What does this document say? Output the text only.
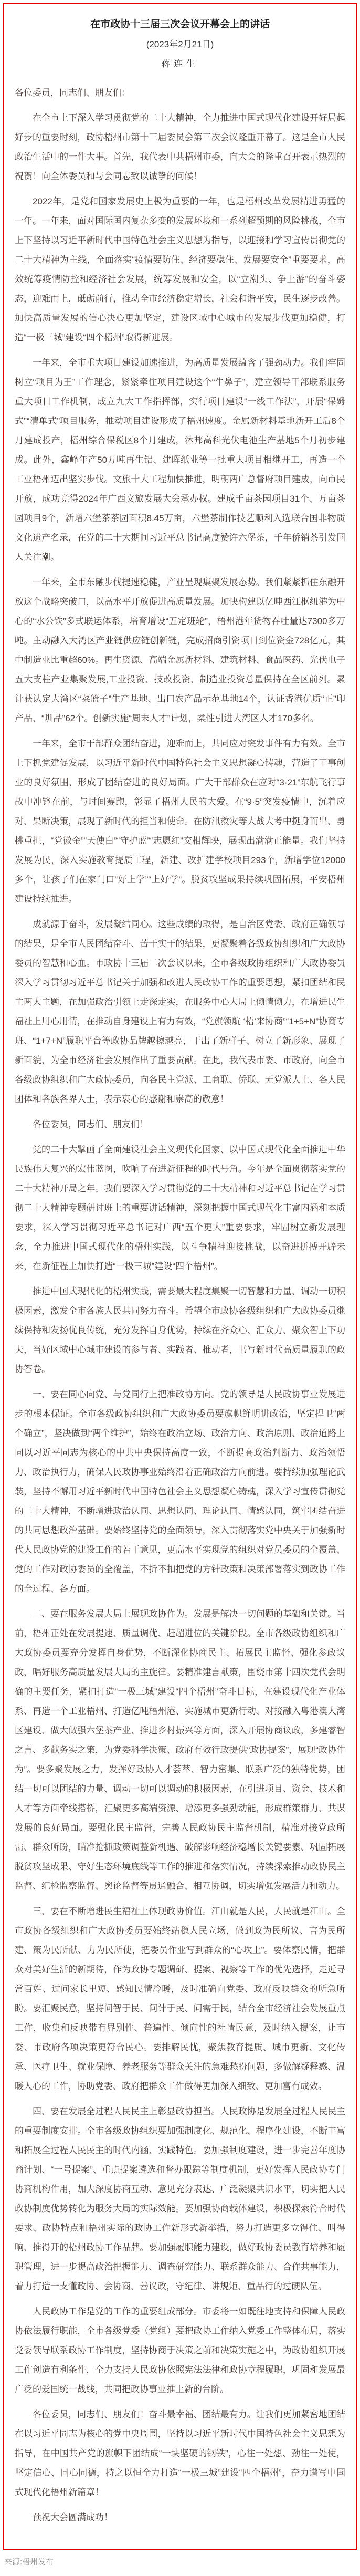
在市政协十三届三次会议开幕会上的讲话
(2023年2月21日)
蒋连生

各位委员，同志们、朋友们：

在全市上下深入学习贯彻党的二十大精神，全力推进中国式现代化建设开好局起好步的重要时刻，政协梧州市第十三届委员会第三次会议隆重开幕了。这是全市人民政治生活中的一件大事。首先，我代表中共梧州市委，向大会的隆重召开表示热烈的祝贺！向全体委员和与会同志致以诚挚的问候！

2022年，是党和国家发展史上极为重要的一年，也是梧州改革发展精进勇猛的一年。一年来，面对国际国内复杂多变的发展环境和一系列超预期的风险挑战，全市上下坚持以习近平新时代中国特色社会主义思想为指导，以迎接和学习宣传贯彻党的二十大精神为主线，全面落实“疫情要防住、经济要稳住、发展要安全”重要要求，高效统筹疫情防控和经济社会发展，统筹发展和安全，以“立潮头、争上游”的奋斗姿态，迎难而上，砥砺前行，推动全市经济稳定增长，社会和谐平安，民生逐步改善。加快高质量发展的信心决心更加坚定，建设区域中心城市的发展步伐更加稳健，打造“一极三城”建设“四个梧州”取得新进展。

一年来，全市重大项目建设加速推进，为高质量发展蕴含了强劲动力。我们牢固树立“项目为王”工作理念，紧紧牵住项目建设这个“牛鼻子”，建立领导干部联系服务重大项目工作机制，成立九大工作指挥部，实行项目建设“一线工作法”，开展“保姆式”“清单式”项目服务，推动项目建设形成了梧州速度。金属新材料基地新开工后8个月建成投产，梧州综合保税区8个月建成，沐邦高科光伏电池生产基地5个月初步建成。此外，鑫峰年产50万吨再生铝、建晖纸业等一批重大项目相继开工，再造一个工业梧州迈出坚实步伐。文旅十大工程加快推进，明朝两广总督府项目建成，向市民开放，成功竞得2024年广西文旅发展大会承办权。建成千亩茶园项目31个、万亩茶园项目9个，新增六堡茶茶园面积8.45万亩，六堡茶制作技艺顺利入选联合国非物质文化遗产名录，在党的二十大期间习近平总书记高度赞许六堡茶，千年侨销茶引发国人关注潮。

一年来，全市东融步伐提速稳健，产业呈现集聚发展态势。我们紧紧抓住东融开放这个战略突破口，以高水平开放促进高质量发展。加快构建以亿吨西江枢纽港为中心的“水公铁”多式联运体系，培育增设“五定班轮”，梧州港年货物吞吐量达7300多万吨。主动融入大湾区产业链供应链创新链，完成招商引资项目到位资金728亿元，其中制造业比重超60%。再生资源、高端金属新材料、建筑材料、食品医药、光伏电子五大支柱产业集聚发展,工业投资、技改投资、制造业投资总量保持在全区前列。累计获认定大湾区“菜篮子”生产基地、出口农产品示范基地14个，认证香港优质“正”印产品、“圳品”62个。创新实施“周末人才”计划，柔性引进大湾区人才170多名。

一年来，全市干部群众团结奋进，迎难而上，共同应对突发事件有力有效。全市上下抓党建促发展，以习近平新时代中国特色社会主义思想凝心铸魂，营造了干事创业的良好氛围，形成了团结奋进的良好局面。广大干部群众在应对“3·21”东航飞行事故中冲锋在前，与时间赛跑，彰显了梧州人民的大爱。在“9·5”突发疫情中，沉着应对、果断决策，展现了新时代的担当和使命。在防汛救灾等大战大考中挺身而出、勇挑重担，“党徽金”“天使白”“守护蓝”“志愿红”交相辉映，展现出满满正能量。我们坚持发展为民，深入实施教育提质工程，新建、改扩建学校项目293个，新增学位12000多个，让孩子们在家门口“好上学”“上好学”。脱贫攻坚成果持续巩固拓展，平安梧州建设持续推进。

成就源于奋斗，发展凝结同心。这些成绩的取得，是自治区党委、政府正确领导的结果，是全市人民团结奋斗、苦干实干的结果，更凝聚着各级政协组织和广大政协委员的智慧和心血。市政协十三届二次会议以来，全市各级政协组织和广大政协委员深入学习贯彻习近平总书记关于加强和改进人民政协工作的重要思想，紧扣团结和民主两大主题，在加强政治引领上走深走实，在服务中心大局上倾情倾力，在增进民生福祉上用心用情，在推动自身建设上有力有效，“党旗领航 ‘梧’来协商”“1+5+N”协商专班、“1+7+N”履职平台等政协品牌越擦越亮，干出了新样子、树立了新形象、展现了新面貌，为全市经济社会发展作出了重要贡献。在此，我代表市委、市政府，向全市各级政协组织和广大政协委员，向各民主党派、工商联、侨联、无党派人士、各人民团体和各族各界人士，表示衷心的感谢和崇高的敬意！

各位委员，同志们、朋友们！

党的二十大擘画了全面建设社会主义现代化国家、以中国式现代化全面推进中华民族伟大复兴的宏伟蓝图，吹响了奋进新征程的时代号角。今年是全面贯彻落实党的二十大精神开局之年。我们要深入学习贯彻党的二十大精神和习近平总书记在学习贯彻二十大精神专题研讨班上的重要讲话精神，深刻把握中国式现代化丰富内涵和本质要求，深入学习贯彻习近平总书记对广西“五个更大”重要要求，牢固树立新发展理念，全力推进中国式现代化的梧州实践，以斗争精神迎接挑战，以奋进拼搏开辟未来，在新征程上加快打造“一极三城”建设“四个梧州”。

推进中国式现代化的梧州实践，需要最大程度集聚一切智慧和力量、调动一切积极因素，激发全市各族人民共同努力奋斗。希望全市政协各级组织和广大政协委员继续保持和发扬优良传统，充分发挥自身优势，持续在齐众心、汇众力、聚众智上下功夫，当好区域中心城市建设的参与者、实践者、推动者，书写新时代高质量履职的政协答卷。

一、要在同心向党、与党同行上把准政协方向。党的领导是人民政协事业发展进步的根本保证。全市各级政协组织和广大政协委员要旗帜鲜明讲政治，坚定捍卫“两个确立”，坚决做到“两个维护”，始终在政治立场、政治方向、政治原则、政治道路上同以习近平同志为核心的中共中央保持高度一致，不断提高政治判断力、政治领悟力、政治执行力，确保人民政协事业始终沿着正确政治方向前进。要持续加强理论武装，坚持不懈用习近平新时代中国特色社会主义思想凝心铸魂，深入学习宣传贯彻党的二十大精神，不断增进政治认同、思想认同、理论认同、情感认同，筑牢团结奋进的共同思想政治基础。要始终坚持党的全面领导，深入贯彻落实党中央关于加强新时代人民政协党的建设工作的若干意见，更高水平实现党的组织对党员委员的全覆盖、党的工作对政协委员的全覆盖，不折不扣把党的方针政策和决策部署落实到政协工作的全过程、各方面。

二、要在服务发展大局上展现政协作为。发展是解决一切问题的基础和关键。当前，梧州正处在发展提速、质量调优、赶超进位的关键阶段。全市各级政协组织和广大政协委员要充分发挥自身优势，不断深化协商民主、拓展民主监督、强化参政议政，唱好服务高质量发展大局的主旋律。要精准建言献策，围绕市第十四次党代会明确的主要任务，紧扣打造“一极三城”建设“四个梧州”奋斗目标，在建设现代化产业体系、再造一个工业梧州、打造亿吨梧州港、实施城市更新行动、对接融入粤港澳大湾区建设、做大做强六堡茶产业、推进乡村振兴等方面，深入开展协商议政，多建睿智之言、多献务实之策，为党委科学决策、政府有效行政提供“政协提案”，展现“政协作为”。要多聚发展之力，发挥好政协人才荟萃、智力密集、联系广泛的独特优势，团结一切可以团结的力量、调动一切可以调动的积极因素，在引进项目、资金、技术和人才等方面牵线搭桥，汇聚更多高端资源、增添更多强劲动能，形成群策群力、共谋发展的良好局面。要强化民主监督，完善人民政协民主监督机制，精准对接党政所需、群众所盼，瞄准抢抓政策调整新机遇、破解影响经济稳增长关键要素、巩固拓展脱贫攻坚成果、守好生态环境底线等工作的推进和落实情况，持续探索推动政协民主监督、纪检监察监督、舆论监督等贯通融合、相互协调，切实增强发展活力和动力。

三、要在不断增进民生福祉上体现政协价值。江山就是人民，人民就是江山。全市政协各级组织和广大政协委员要始终站稳人民立场，做到政为民所议、言为民所建、策为民所献、力为民所使，把委员作业写到群众的“心坎上”。要体察民情，把群众对美好生活的新期待，作为政协专题调研、提案、视察等工作的优先选择，走近寻常百姓、过问家长里短、感知民情冷暖，及时准确向党委、政府反映群众的所急所盼。要汇聚民意，坚持问智于民、问计于民、问需于民，结合全市经济社会发展重点工作，收集和反映带有界别性、普遍性、倾向性的社情民意，及时纳入提案，让市委、市政府各项决策更符合民心。要排解民忧，聚焦教育提质、城市更新、文化传承、医疗卫生、就业保障、养老服务等群众关注的急难愁盼问题，多做解疑释惑、温暖人心的工作，协助党委、政府把群众工作做得更加深入细致、更加富有成效。

四、要在发展全过程人民民主上彰显政协担当。人民政协是发展全过程人民民主的重要制度安排。全市各级政协组织要加强制度化、规范化、程序化建设，不断丰富和拓展全过程人民民主的时代内涵、实践特色。要加强制度建设，进一步完善年度协商计划、“一号提案”、重点提案遴选和督办跟踪等制度机制，更好发挥人民政协专门协商机构作用，加大深度协商互动、意见充分表达、广泛凝聚共识水平，切实把人民政协制度优势转化为服务大局的实际效能。要加强协商载体建设，积极探索符合时代要求、政协特点和梧州实际的政协工作新形式新举措，努力打造更多立得住、叫得响、推得开的梧州政协工作品牌。要加强履职能力建设，做好政协委员教育培养和履职管理，进一步提高政治把握能力、调查研究能力、联系群众能力、合作共事能力，着力打造一支懂政协、会协商、善议政，守纪律、讲规矩、重品行的过硬队伍。

人民政协工作是党的工作的重要组成部分。市委将一如既往地支持和保障人民政协依法履行职能，全市各级党委（党组）要把政协工作纳入党委工作整体布局，落实党委领导联系政协工作制度，坚持协商于决策之前和决策实施之中，为政协组织开展工作创造有利条件，全力支持人民政协依照宪法法律和政协章程履职，巩固和发展最广泛的爱国统一战线，共同把政协事业推上新的台阶。

各位委员，同志们、朋友们！奋斗最幸福、团结最有力。让我们更加紧密地团结在以习近平同志为核心的党中央周围，坚持以习近平新时代中国特色社会主义思想为指导，在中国共产党的旗帜下团结成“一块坚硬的钢铁”，心往一处想、劲往一处使，坚定信心、同心同德，持之以恒全力打造“一极三城”建设“四个梧州”，奋力谱写中国式现代化梧州新篇章！

预祝大会圆满成功！

来源:梧州发布
